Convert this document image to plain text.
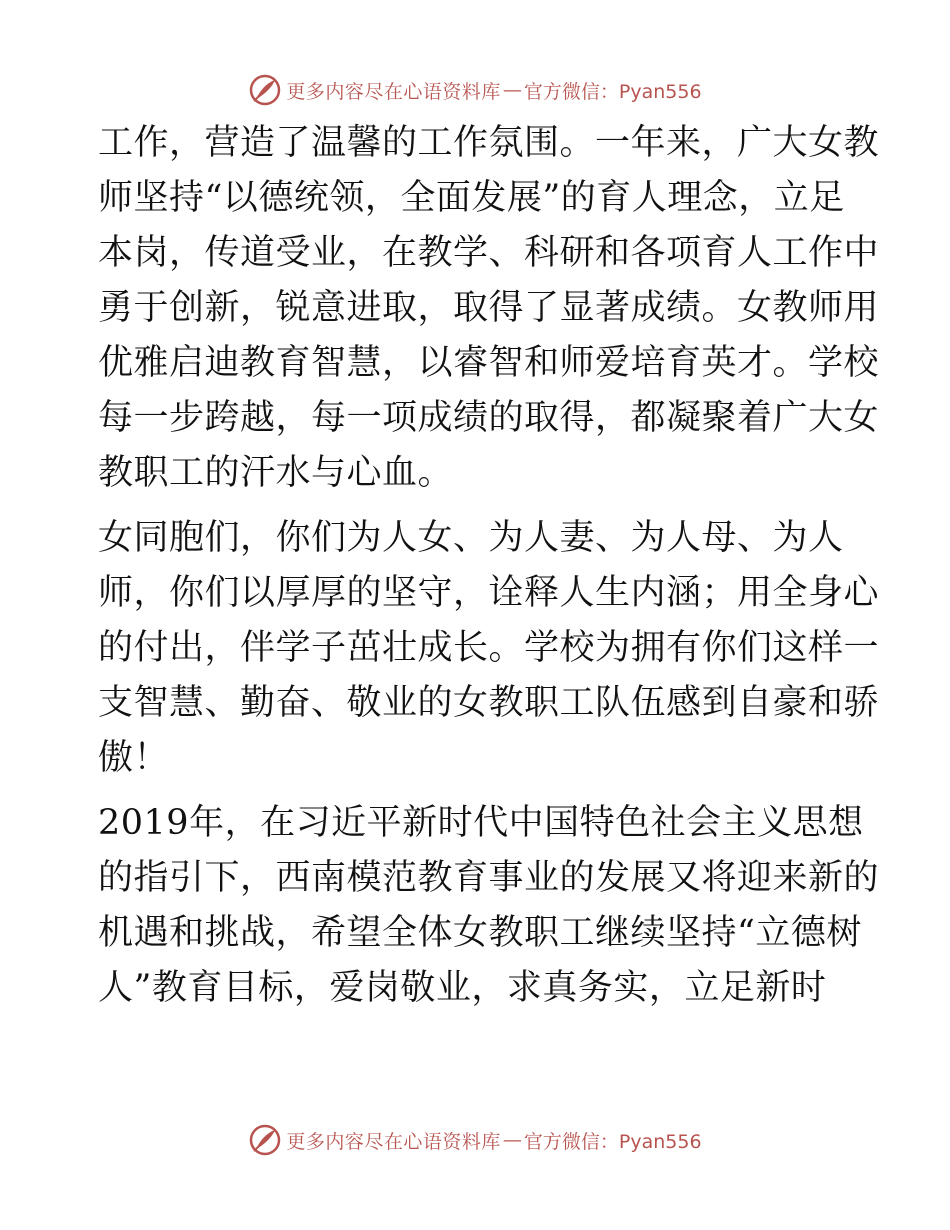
更多内容尽在心语资料库 — 官方微信：Pyan556
工作，营造了温馨的工作氛围。一年来，广大女教
师坚持“以德统领，全面发展”的育人理念，立足
本岗，传道受业，在教学、科研和各项育人工作中
勇于创新，锐意进取，取得了显著成绩。女教师用
优雅启迪教育智慧，以睿智和师爱培育英才。学校
每一步跨越，每一项成绩的取得，都凝聚着广大女
教职工的汗水与心血。
女同胞们，你们为人女、为人妻、为人母、为人
师，你们以厚厚的坚守，诠释人生内涵；用全身心
的付出，伴学子茁壮成长。学校为拥有你们这样一
支智慧、勤奋、敬业的女教职工队伍感到自豪和骄
傲！
2019年，在习近平新时代中国特色社会主义思想
的指引下，西南模范教育事业的发展又将迎来新的
机遇和挑战，希望全体女教职工继续坚持“立德树
人”教育目标，爱岗敬业，求真务实，立足新时
更多内容尽在心语资料库 — 官方微信：Pyan556
